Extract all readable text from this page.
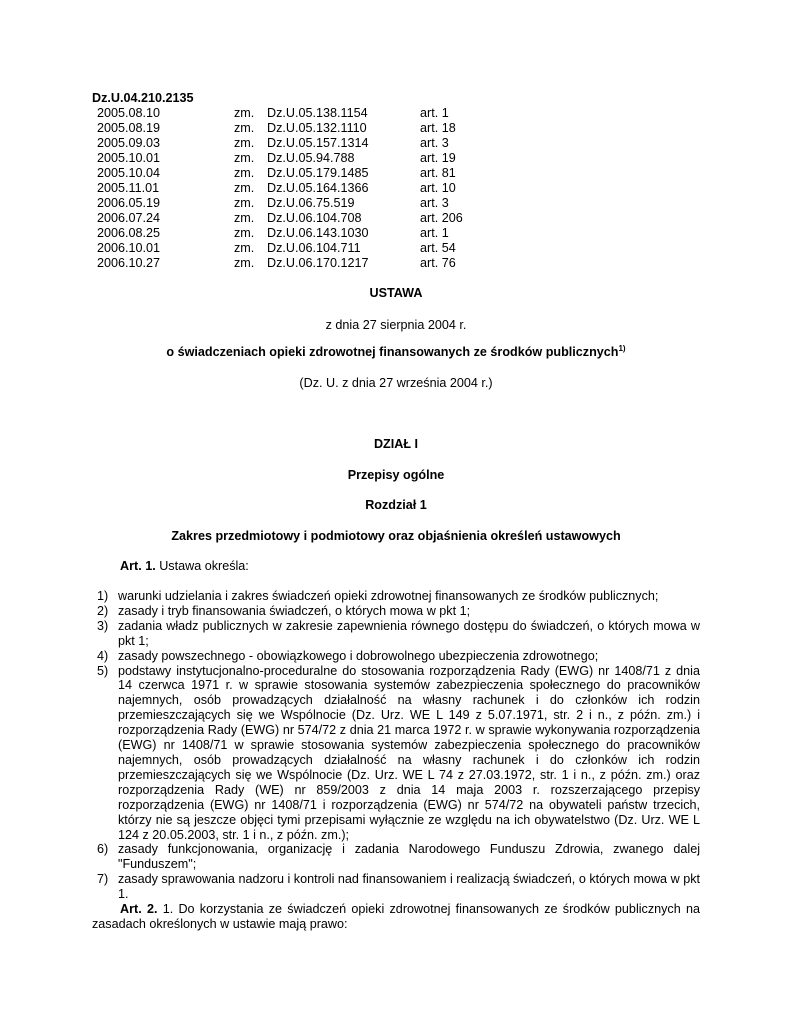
Dz.U.04.210.2135
2005.08.10	zm.	Dz.U.05.138.1154	art. 1
2005.08.19	zm.	Dz.U.05.132.1110	art. 18
2005.09.03	zm.	Dz.U.05.157.1314	art. 3
2005.10.01	zm.	Dz.U.05.94.788	art. 19
2005.10.04	zm.	Dz.U.05.179.1485	art. 81
2005.11.01	zm.	Dz.U.05.164.1366	art. 10
2006.05.19	zm.	Dz.U.06.75.519	art. 3
2006.07.24	zm.	Dz.U.06.104.708	art. 206
2006.08.25	zm.	Dz.U.06.143.1030	art. 1
2006.10.01	zm.	Dz.U.06.104.711	art. 54
2006.10.27	zm.	Dz.U.06.170.1217	art. 76
USTAWA
z dnia 27 sierpnia 2004 r.
o świadczeniach opieki zdrowotnej finansowanych ze środków publicznych$^{1)}$
(Dz. U. z dnia 27 września 2004 r.)
DZIAŁ I
Przepisy ogólne
Rozdział 1
Zakres przedmiotowy i podmiotowy oraz objaśnienia określeń ustawowych
Art. 1. Ustawa określa:
1) warunki udzielania i zakres świadczeń opieki zdrowotnej finansowanych ze środków publicznych;
2) zasady i tryb finansowania świadczeń, o których mowa w pkt 1;
3) zadania władz publicznych w zakresie zapewnienia równego dostępu do świadczeń, o których mowa w pkt 1;
4) zasady powszechnego - obowiązkowego i dobrowolnego ubezpieczenia zdrowotnego;
5) podstawy instytucjonalno-proceduralne do stosowania rozporządzenia Rady (EWG) nr 1408/71 z dnia 14 czerwca 1971 r. w sprawie stosowania systemów zabezpieczenia społecznego do pracowników najemnych, osób prowadzących działalność na własny rachunek i do członków ich rodzin przemieszczających się we Wspólnocie (Dz. Urz. WE L 149 z 5.07.1971, str. 2 i n., z późn. zm.) i rozporządzenia Rady (EWG) nr 574/72 z dnia 21 marca 1972 r. w sprawie wykonywania rozporządzenia (EWG) nr 1408/71 w sprawie stosowania systemów zabezpieczenia społecznego do pracowników najemnych, osób prowadzących działalność na własny rachunek i do członków ich rodzin przemieszczających się we Wspólnocie (Dz. Urz. WE L 74 z 27.03.1972, str. 1 i n., z późn. zm.) oraz rozporządzenia Rady (WE) nr 859/2003 z dnia 14 maja 2003 r. rozszerzającego przepisy rozporządzenia (EWG) nr 1408/71 i rozporządzenia (EWG) nr 574/72 na obywateli państw trzecich, którzy nie są jeszcze objęci tymi przepisami wyłącznie ze względu na ich obywatelstwo (Dz. Urz. WE L 124 z 20.05.2003, str. 1 i n., z późn. zm.);
6) zasady funkcjonowania, organizację i zadania Narodowego Funduszu Zdrowia, zwanego dalej "Funduszem";
7) zasady sprawowania nadzoru i kontroli nad finansowaniem i realizacją świadczeń, o których mowa w pkt 1.
Art. 2. 1. Do korzystania ze świadczeń opieki zdrowotnej finansowanych ze środków publicznych na zasadach określonych w ustawie mają prawo:
